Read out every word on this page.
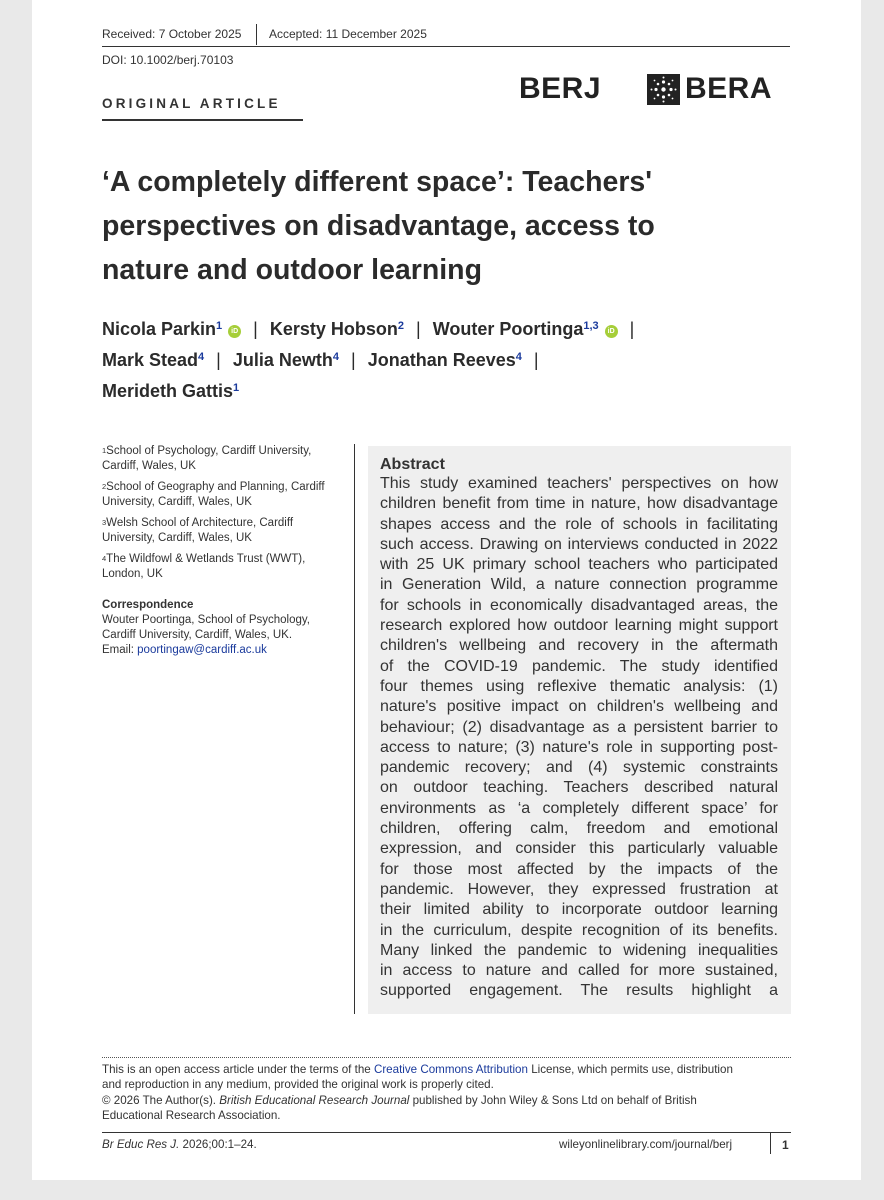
Received: 7 October 2025 Accepted: 11 December 2025
DOI: 10.1002/berj.70103
ORIGINAL ARTICLE	BERJ	BERA
‘A completely different space’: Teachers'
perspectives on disadvantage, access to
nature and outdoor learning
Nicola Parkin$^1$ iD | Kersty Hobson$^2$ | Wouter Poortinga$^{1,3}$ iD |
Mark Stead$^4$ | Julia Newth$^4$ | Jonathan Reeves$^4$ |
Merideth Gattis$^1$

$^1$School of Psychology, Cardiff University,
Cardiff, Wales, UK

$^2$School of Geography and Planning, Cardiff
University, Cardiff, Wales, UK

$^3$Welsh School of Architecture, Cardiff
University, Cardiff, Wales, UK

$^4$The Wildfowl & Wetlands Trust (WWT),
London, UK

Correspondence
Wouter Poortinga, School of Psychology,
Cardiff University, Cardiff, Wales, UK.
Email: poortingaw@cardiff.ac.uk
Abstract
This study examined teachers' perspectives on how
children benefit from time in nature, how disadvantage
shapes access and the role of schools in facilitating
such access. Drawing on interviews conducted in 2022
with 25 UK primary school teachers who participated
in Generation Wild, a nature connection programme
for schools in economically disadvantaged areas, the
research explored how outdoor learning might support
children's wellbeing and recovery in the aftermath
of the COVID-19 pandemic. The study identified
four themes using reflexive thematic analysis: (1)
nature's positive impact on children's wellbeing and
behaviour; (2) disadvantage as a persistent barrier to
access to nature; (3) nature's role in supporting post-
pandemic recovery; and (4) systemic constraints
on outdoor teaching. Teachers described natural
environments as ‘a completely different space’ for
children, offering calm, freedom and emotional
expression, and consider this particularly valuable
for those most affected by the impacts of the
pandemic. However, they expressed frustration at
their limited ability to incorporate outdoor learning
in the curriculum, despite recognition of its benefits.
Many linked the pandemic to widening inequalities
in access to nature and called for more sustained,
supported engagement. The results highlight a
This is an open access article under the terms of the Creative Commons Attribution License, which permits use, distribution
and reproduction in any medium, provided the original work is properly cited.
© 2026 The Author(s). British Educational Research Journal published by John Wiley & Sons Ltd on behalf of British
Educational Research Association.
Br Educ Res J. 2026;00:1–24.	wileyonlinelibrary.com/journal/berj	1
